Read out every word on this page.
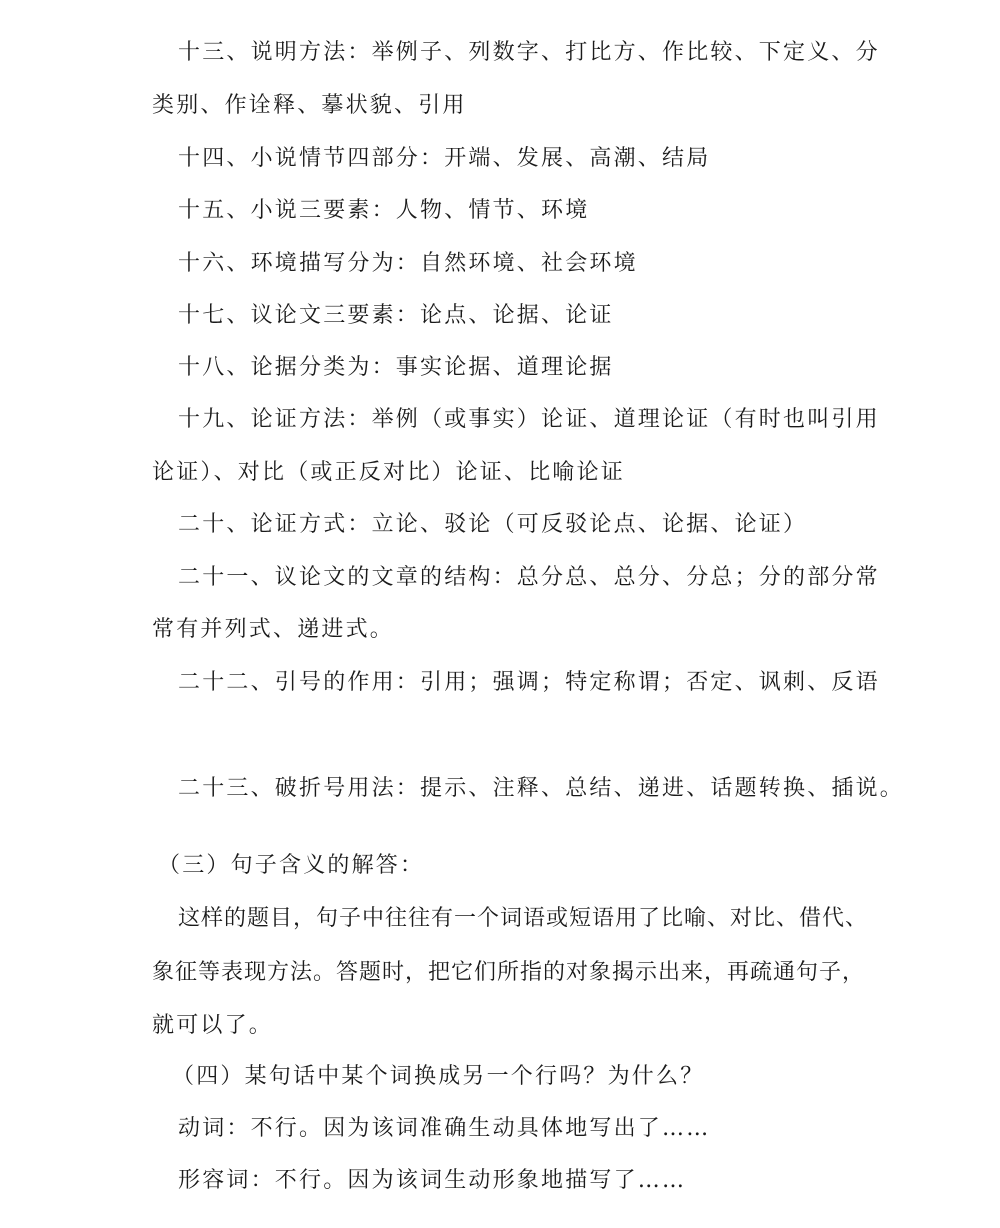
十三、说明方法：举例子、列数字、打比方、作比较、下定义、分
类别、作诠释、摹状貌、引用
十四、小说情节四部分：开端、发展、高潮、结局
十五、小说三要素：人物、情节、环境
十六、环境描写分为：自然环境、社会环境
十七、议论文三要素：论点、论据、论证
十八、论据分类为：事实论据、道理论据
十九、论证方法：举例（或事实）论证、道理论证（有时也叫引用
论证）、对比（或正反对比）论证、比喻论证
二十、论证方式：立论、驳论（可反驳论点、论据、论证）
二十一、议论文的文章的结构：总分总、总分、分总；分的部分常
常有并列式、递进式。
二十二、引号的作用：引用；强调；特定称谓；否定、讽刺、反语
二十三、破折号用法：提示、注释、总结、递进、话题转换、插说。
（三）句子含义的解答：
这样的题目，句子中往往有一个词语或短语用了比喻、对比、借代、
象征等表现方法。答题时，把它们所指的对象揭示出来，再疏通句子，
就可以了。
（四）某句话中某个词换成另一个行吗？为什么？
动词：不行。因为该词准确生动具体地写出了……
形容词：不行。因为该词生动形象地描写了……
